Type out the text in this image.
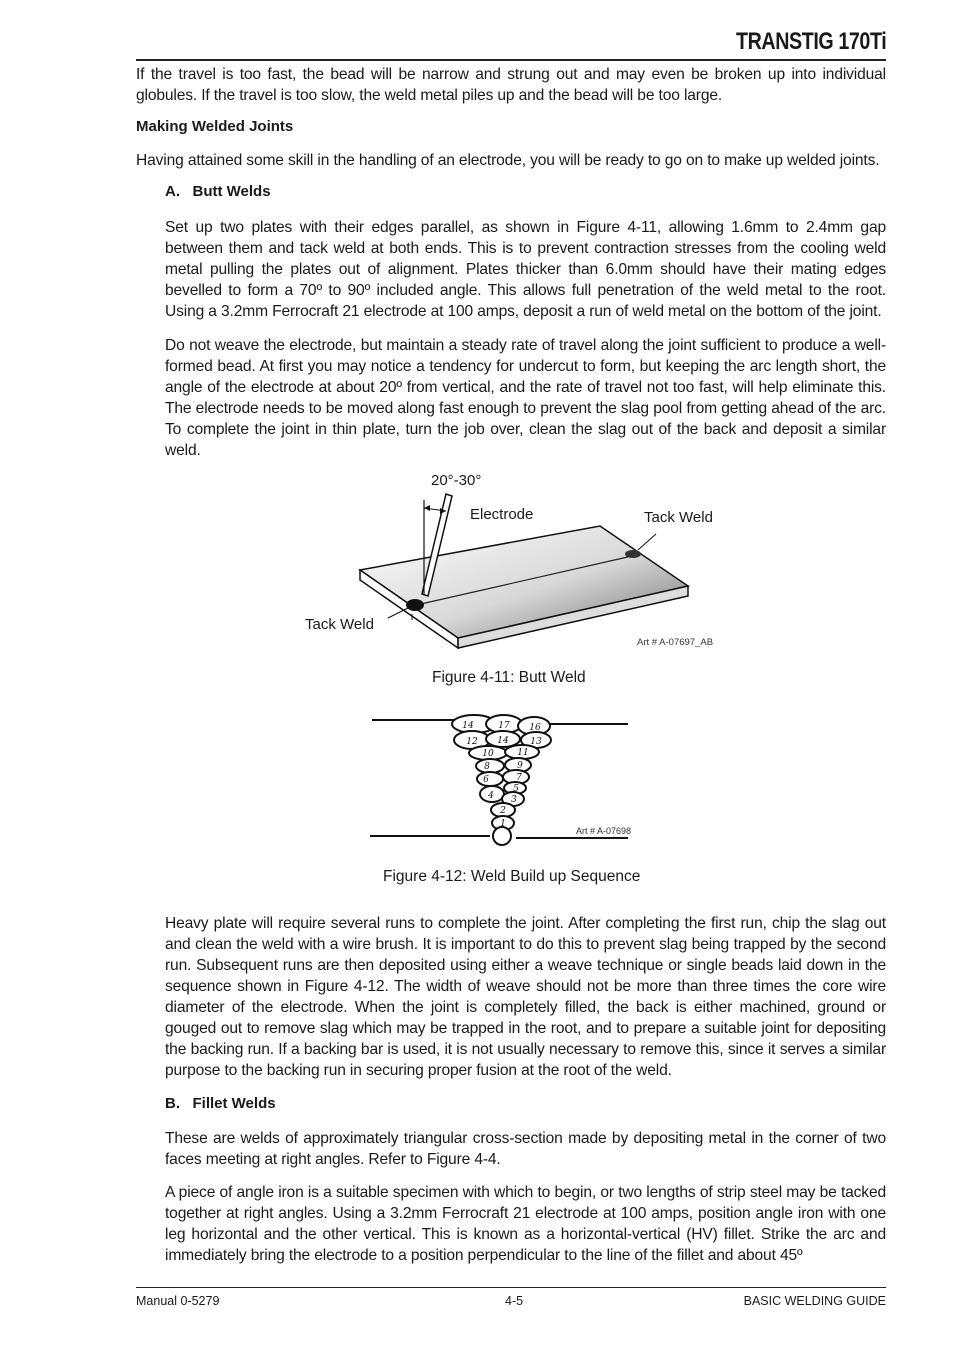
TRANSTIG 170Ti
If the travel is too fast, the bead will be narrow and strung out and may even be broken up into individual globules. If the travel is too slow, the weld metal piles up and the bead will be too large.
Making Welded Joints
Having attained some skill in the handling of an electrode, you will be ready to go on to make up welded joints.
A.   Butt Welds
Set up two plates with their edges parallel, as shown in Figure 4-11, allowing 1.6mm to 2.4mm gap between them and tack weld at both ends. This is to prevent contraction stresses from the cooling weld metal pulling the plates out of alignment. Plates thicker than 6.0mm should have their mating edges bevelled to form a 70º to 90º included angle. This allows full penetration of the weld metal to the root. Using a 3.2mm Ferrocraft 21 electrode at 100 amps, deposit a run of weld metal on the bottom of the joint.
Do not weave the electrode, but maintain a steady rate of travel along the joint sufficient to produce a well-formed bead. At first you may notice a tendency for undercut to form, but keeping the arc length short, the angle of the electrode at about 20º from vertical, and the rate of travel not too fast, will help eliminate this. The electrode needs to be moved along fast enough to prevent the slag pool from getting ahead of the arc. To complete the joint in thin plate, turn the job over, clean the slag out of the back and deposit a similar weld.
20°-30°
Electrode	Tack Weld
Tack Weld
Art # A-07697_AB
Figure 4-11: Butt Weld
14	17 16
12 14 13
10	11
8	9
6	7
5
4 3
2
1
Art # A-07698
Figure 4-12: Weld Build up Sequence
Heavy plate will require several runs to complete the joint. After completing the first run, chip the slag out and clean the weld with a wire brush. It is important to do this to prevent slag being trapped by the second run. Subsequent runs are then deposited using either a weave technique or single beads laid down in the sequence shown in Figure 4-12. The width of weave should not be more than three times the core wire diameter of the electrode. When the joint is completely filled, the back is either machined, ground or gouged out to remove slag which may be trapped in the root, and to prepare a suitable joint for depositing the backing run. If a backing bar is used, it is not usually necessary to remove this, since it serves a similar purpose to the backing run in securing proper fusion at the root of the weld.
B.   Fillet Welds
These are welds of approximately triangular cross-section made by depositing metal in the corner of two faces meeting at right angles. Refer to Figure 4-4.
A piece of angle iron is a suitable specimen with which to begin, or two lengths of strip steel may be tacked together at right angles. Using a 3.2mm Ferrocraft 21 electrode at 100 amps, position angle iron with one leg horizontal and the other vertical. This is known as a horizontal-vertical (HV) fillet. Strike the arc and immediately bring the electrode to a position perpendicular to the line of the fillet and about 45º
Manual 0-5279	4-5	BASIC WELDING GUIDE
